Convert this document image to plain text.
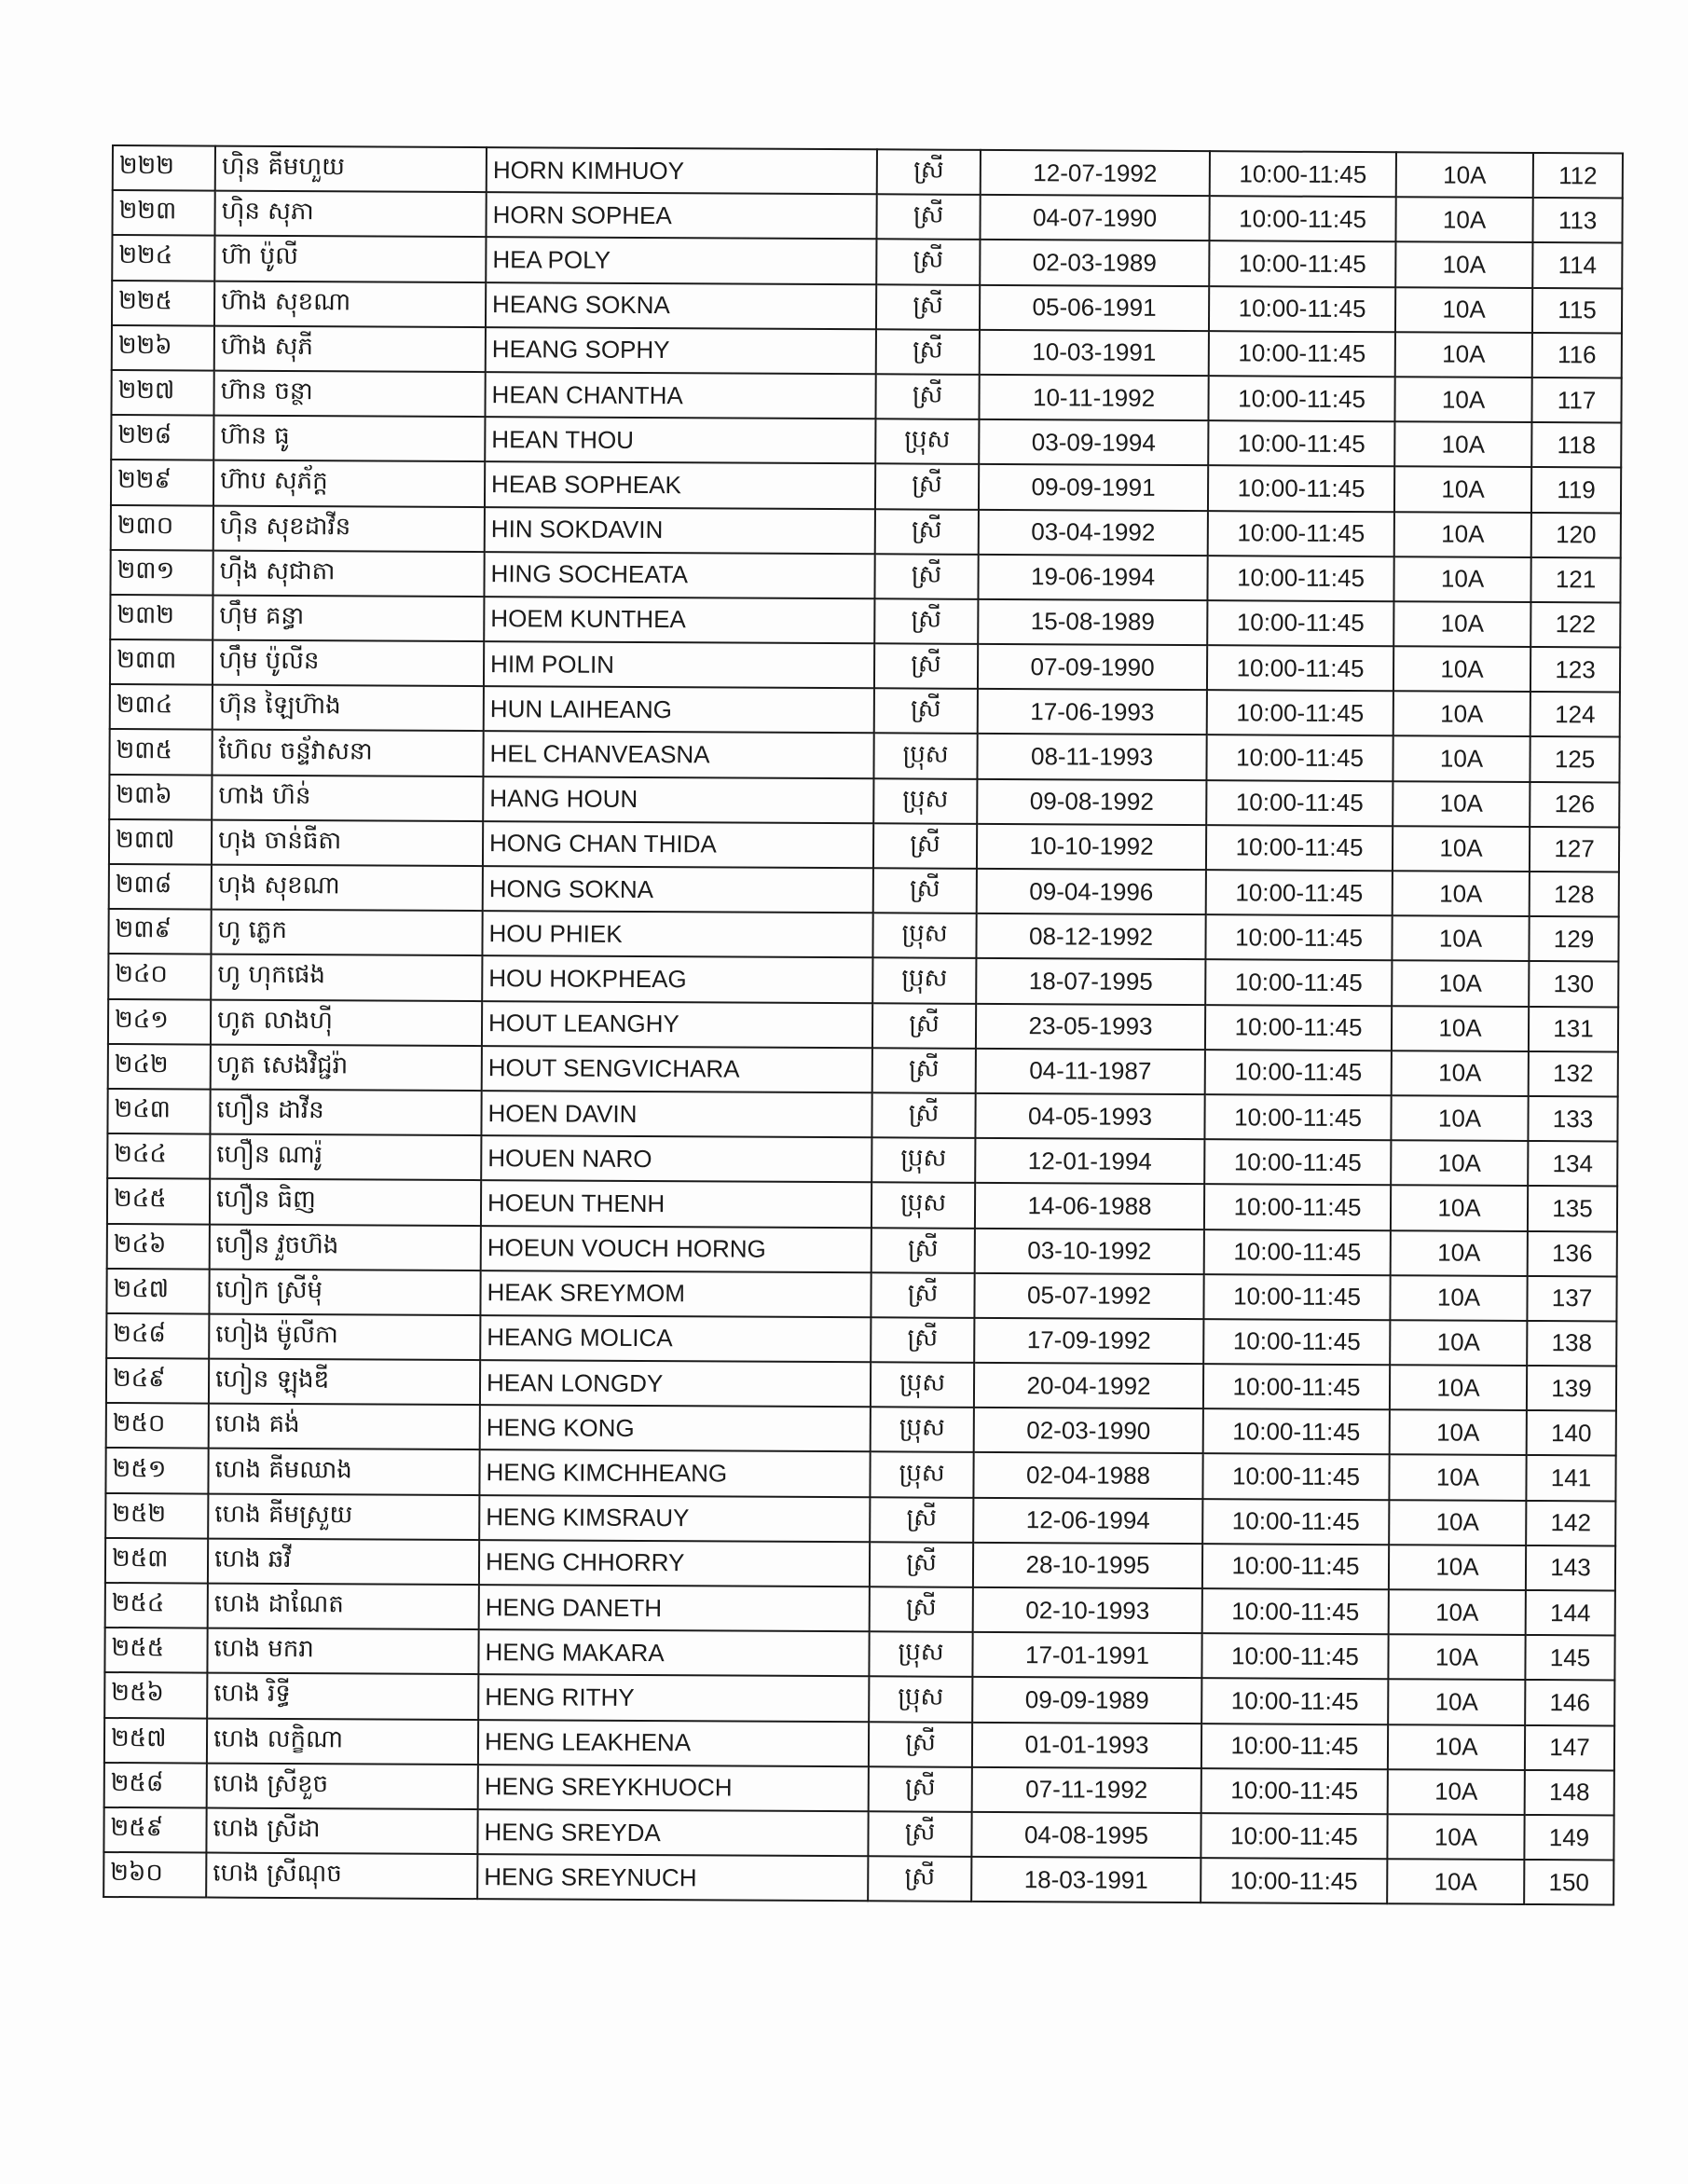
២២២	ហ៊ិន គីមហួយ	HORN KIMHUOY	ស្រី	12-07-1992	10:00-11:45	10A	112
២២៣	ហ៊ិន សុភា	HORN SOPHEA	ស្រី	04-07-1990	10:00-11:45	10A	113
២២៤	ហ៊ា ប៉ូលី	HEA POLY	ស្រី	02-03-1989	10:00-11:45	10A	114
២២៥	ហ៊ាង សុខណា	HEANG SOKNA	ស្រី	05-06-1991	10:00-11:45	10A	115
២២៦	ហ៊ាង សុភី	HEANG SOPHY	ស្រី	10-03-1991	10:00-11:45	10A	116
២២៧	ហ៊ាន ចន្ថា	HEAN CHANTHA	ស្រី	10-11-1992	10:00-11:45	10A	117
២២៨	ហ៊ាន ធូ	HEAN THOU	ប្រុស	03-09-1994	10:00-11:45	10A	118
២២៩	ហ៊ាប សុភ័ក្ត	HEAB SOPHEAK	ស្រី	09-09-1991	10:00-11:45	10A	119
២៣០	ហ៊ិន សុខដាវីន	HIN SOKDAVIN	ស្រី	03-04-1992	10:00-11:45	10A	120
២៣១	ហ៊ីង សុជាតា	HING SOCHEATA	ស្រី	19-06-1994	10:00-11:45	10A	121
២៣២	ហ៊ឹម គន្ធា	HOEM KUNTHEA	ស្រី	15-08-1989	10:00-11:45	10A	122
២៣៣	ហ៊ឹម ប៉ូលីន	HIM POLIN	ស្រី	07-09-1990	10:00-11:45	10A	123
២៣៤	ហ៊ុន ឡៃហ៊ាង	HUN LAIHEANG	ស្រី	17-06-1993	10:00-11:45	10A	124
២៣៥	ហ៊ែល ចន្ទ័វាសនា	HEL CHANVEASNA	ប្រុស	08-11-1993	10:00-11:45	10A	125
២៣៦	ហាង ហ៊ន់	HANG HOUN	ប្រុស	09-08-1992	10:00-11:45	10A	126
២៣៧	ហុង ចាន់ធីតា	HONG CHAN THIDA	ស្រី	10-10-1992	10:00-11:45	10A	127
២៣៨	ហុង សុខណា	HONG SOKNA	ស្រី	09-04-1996	10:00-11:45	10A	128
២៣៩	ហូ ភ្លេក	HOU PHIEK	ប្រុស	08-12-1992	10:00-11:45	10A	129
២៤០	ហូ ហុកផេង	HOU HOKPHEAG	ប្រុស	18-07-1995	10:00-11:45	10A	130
២៤១	ហូត លាងហ៊ី	HOUT LEANGHY	ស្រី	23-05-1993	10:00-11:45	10A	131
២៤២	ហូត សេងវិជ្ជរ៉ា	HOUT SENGVICHARA	ស្រី	04-11-1987	10:00-11:45	10A	132
២៤៣	ហឿន ដាវីន	HOEN DAVIN	ស្រី	04-05-1993	10:00-11:45	10A	133
២៤៤	ហឿន ណារ៉ូ	HOUEN NARO	ប្រុស	12-01-1994	10:00-11:45	10A	134
២៤៥	ហឿន ធិញ	HOEUN THENH	ប្រុស	14-06-1988	10:00-11:45	10A	135
២៤៦	ហឿន វួចហ៊ង	HOEUN VOUCH HORNG	ស្រី	03-10-1992	10:00-11:45	10A	136
២៤៧	ហៀក ស្រីមុំ	HEAK SREYMOM	ស្រី	05-07-1992	10:00-11:45	10A	137
២៤៨	ហៀង ម៉ូលីកា	HEANG MOLICA	ស្រី	17-09-1992	10:00-11:45	10A	138
២៤៩	ហៀន ឡុងឌី	HEAN LONGDY	ប្រុស	20-04-1992	10:00-11:45	10A	139
២៥០	ហេង គង់	HENG KONG	ប្រុស	02-03-1990	10:00-11:45	10A	140
២៥១	ហេង គីមឈាង	HENG KIMCHHEANG	ប្រុស	02-04-1988	10:00-11:45	10A	141
២៥២	ហេង គីមស្រួយ	HENG KIMSRAUY	ស្រី	12-06-1994	10:00-11:45	10A	142
២៥៣	ហេង ឆវី	HENG CHHORRY	ស្រី	28-10-1995	10:00-11:45	10A	143
២៥៤	ហេង ដាណែត	HENG DANETH	ស្រី	02-10-1993	10:00-11:45	10A	144
២៥៥	ហេង មករា	HENG MAKARA	ប្រុស	17-01-1991	10:00-11:45	10A	145
២៥៦	ហេង រិទ្ធី	HENG RITHY	ប្រុស	09-09-1989	10:00-11:45	10A	146
២៥៧	ហេង លក្ខិណា	HENG LEAKHENA	ស្រី	01-01-1993	10:00-11:45	10A	147
២៥៨	ហេង ស្រីខួច	HENG SREYKHUOCH	ស្រី	07-11-1992	10:00-11:45	10A	148
២៥៩	ហេង ស្រីដា	HENG SREYDA	ស្រី	04-08-1995	10:00-11:45	10A	149
២៦០	ហេង ស្រីណុច	HENG SREYNUCH	ស្រី	18-03-1991	10:00-11:45	10A	150
